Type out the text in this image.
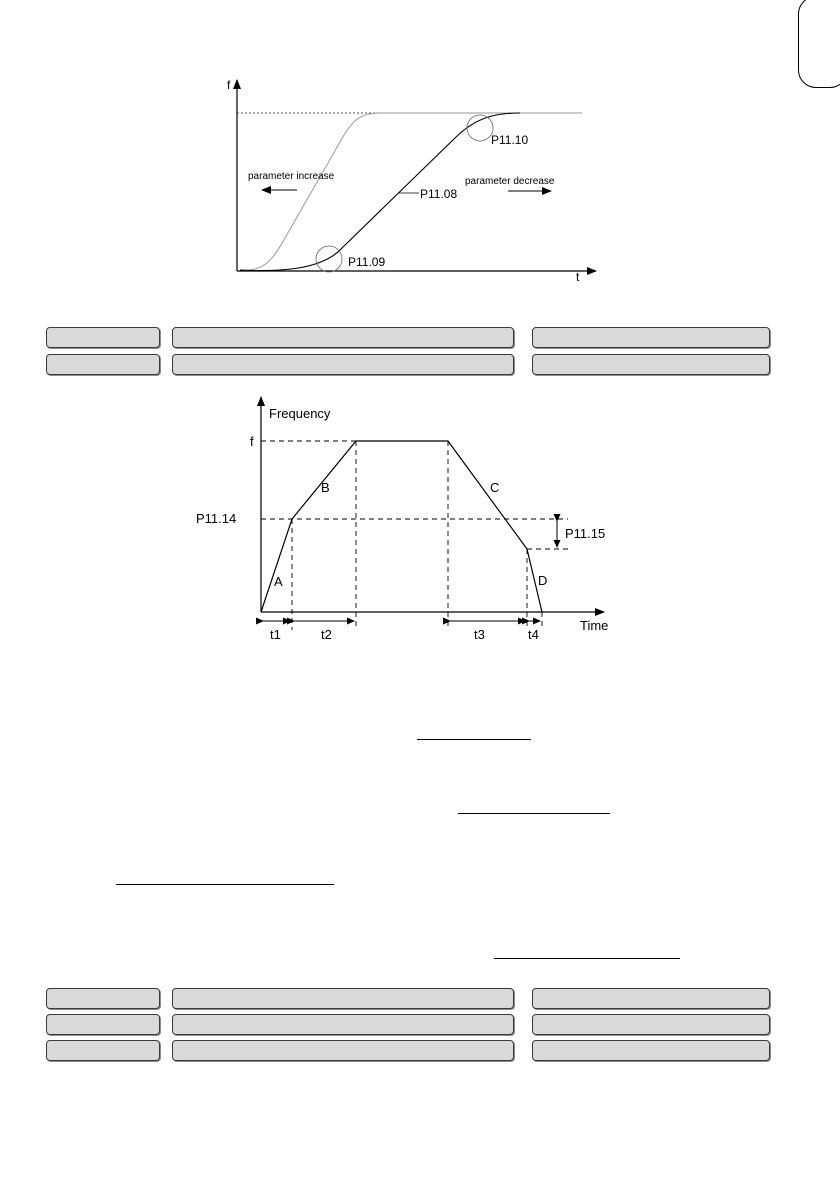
f
t
parameter increase	parameter decrease
P11.08
P11.09
P11.10
Frequency
Time
f
P11.14
P11.15
A
B	C
D
t1	t2	t3	t4
